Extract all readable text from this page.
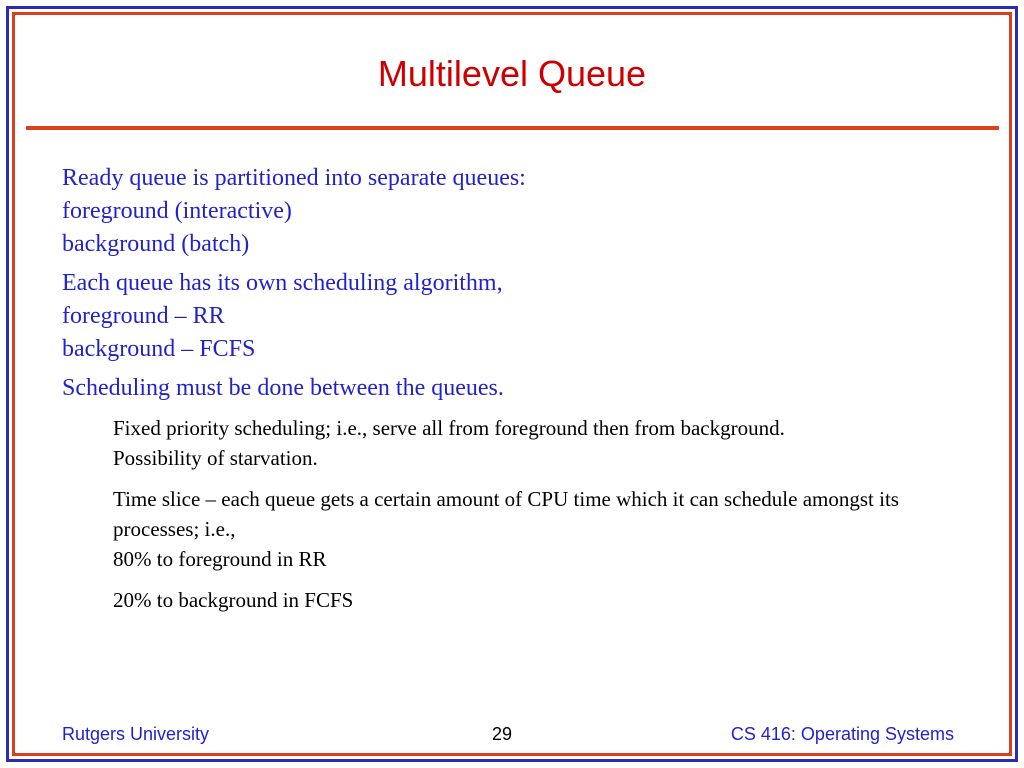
Multilevel Queue
Ready queue is partitioned into separate queues:
foreground (interactive)
background (batch)
Each queue has its own scheduling algorithm,
foreground – RR
background – FCFS
Scheduling must be done between the queues.
Fixed priority scheduling; i.e., serve all from foreground then from background.
Possibility of starvation.
Time slice – each queue gets a certain amount of CPU time which it can schedule amongst its processes; i.e.,
80% to foreground in RR
20% to background in FCFS
Rutgers University	29	CS 416: Operating Systems
